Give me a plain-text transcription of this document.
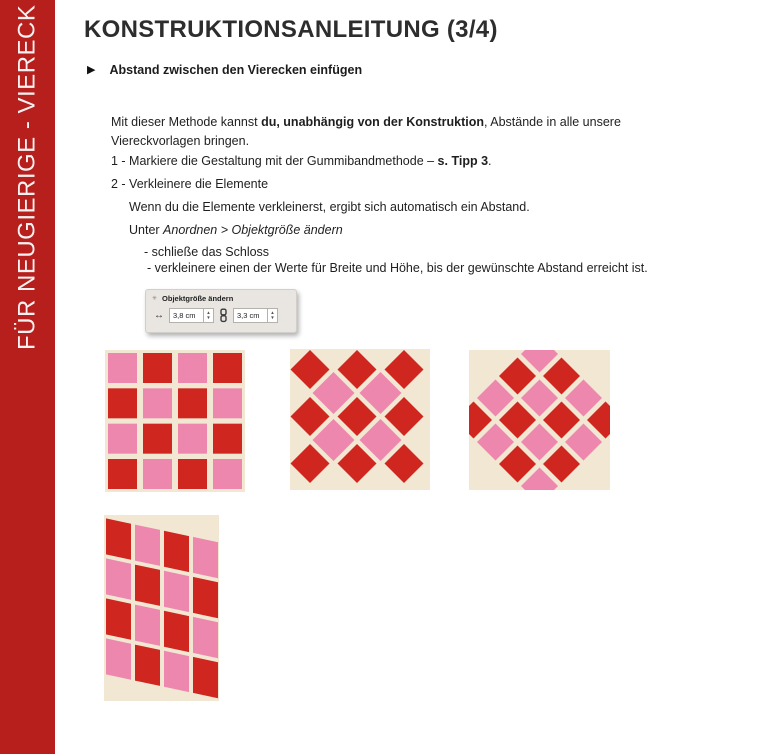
FÜR NEUGIERIGE - VIERECK	KONSTRUKTIONSANLEITUNG (3/4)
▶ Abstand zwischen den Vierecken einfügen

Mit dieser Methode kannst du, unabhängig von der Konstruktion, Abstände in alle unsere Viereckvorlagen bringen.

1 - Markiere die Gestaltung mit der Gummibandmethode – s. Tipp 3.
2 - Verkleinere die Elemente
Wenn du die Elemente verkleinerst, ergibt sich automatisch ein Abstand.
Unter Anordnen > Objektgröße ändern
- schließe das Schloss
- verkleinere einen der Werte für Breite und Höhe, bis der gewünschte Abstand erreicht ist.
✳ Objektgröße ändern
↔	3,8 cm	▲
▼	3,3 cm	▲
▼
